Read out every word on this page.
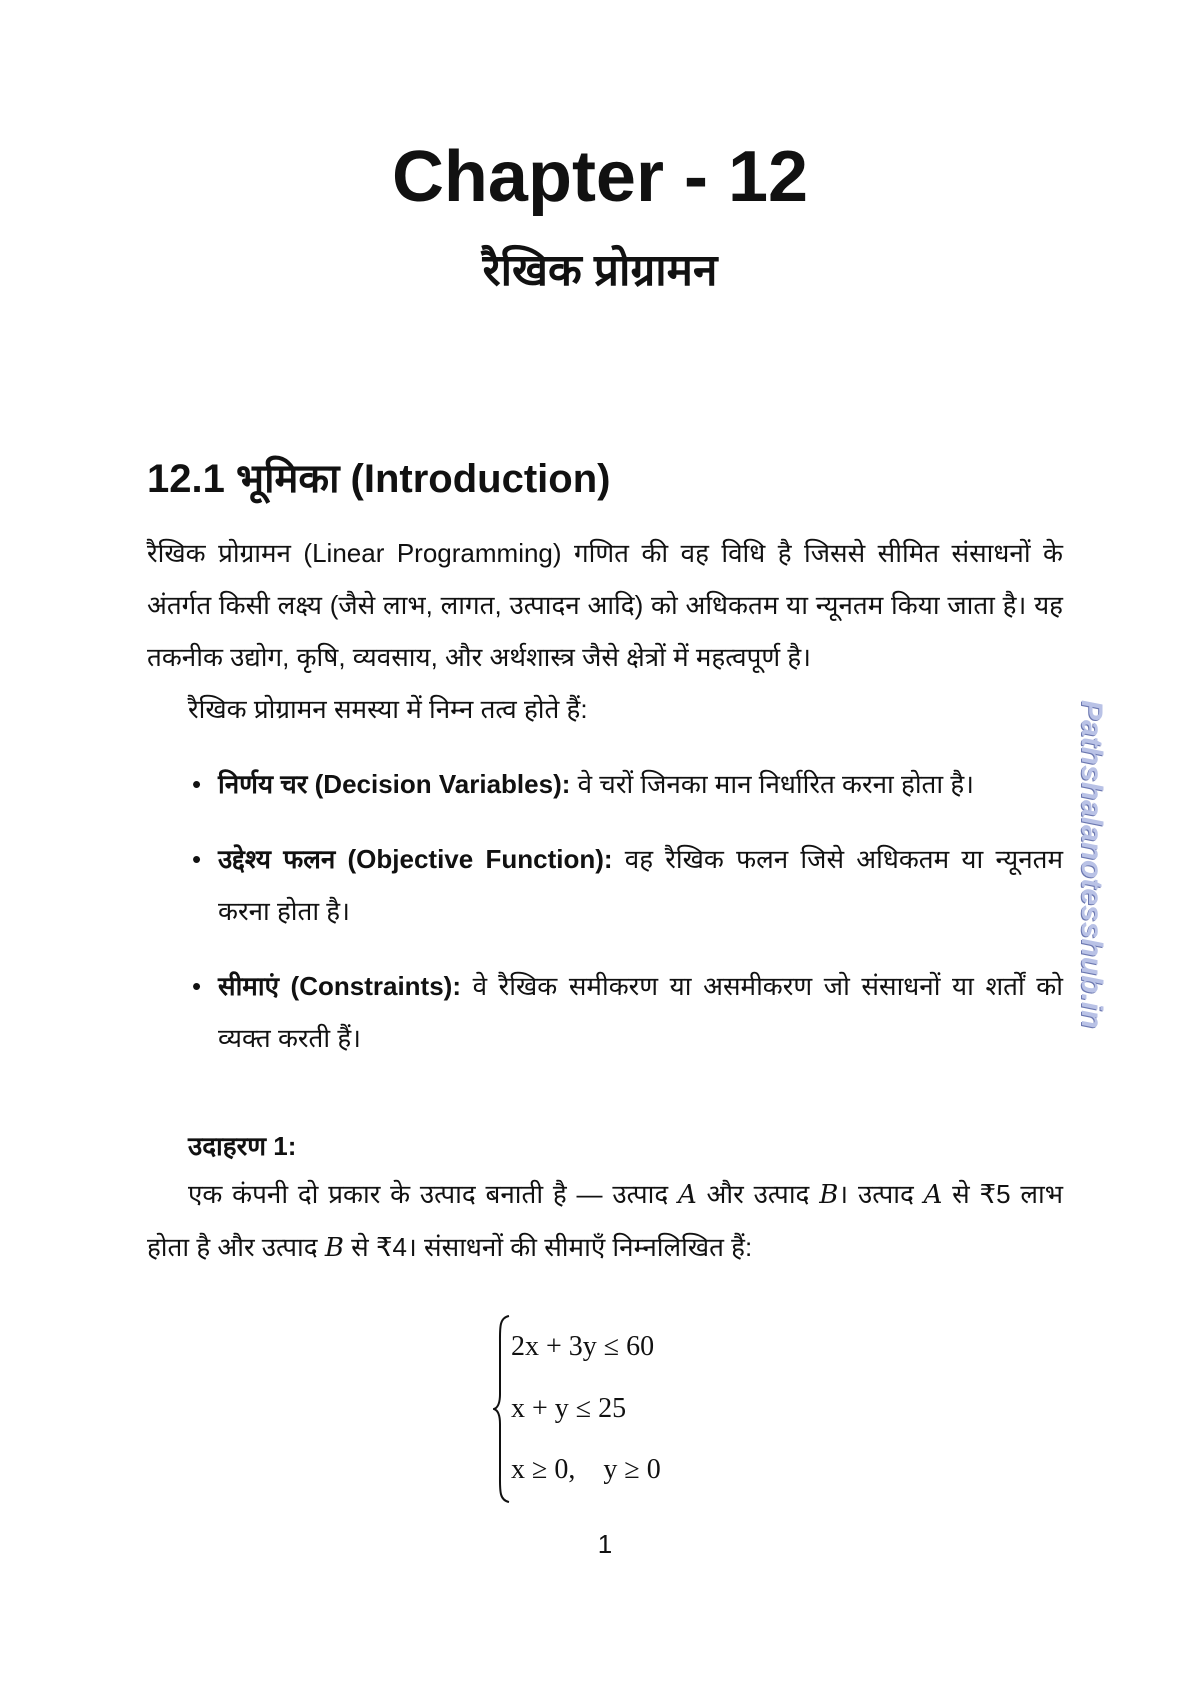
Chapter - 12
रैखिक प्रोग्रामन
12.1 भूमिका (Introduction)
रैखिक प्रोग्रामन (Linear Programming) गणित की वह विधि है जिससे सीमित संसाधनों के अंतर्गत किसी लक्ष्य (जैसे लाभ, लागत, उत्पादन आदि) को अधिकतम या न्यूनतम किया जाता है। यह तकनीक उद्योग, कृषि, व्यवसाय, और अर्थशास्त्र जैसे क्षेत्रों में महत्वपूर्ण है।
रैखिक प्रोग्रामन समस्या में निम्न तत्व होते हैं:
• निर्णय चर (Decision Variables): वे चरों जिनका मान निर्धारित करना होता है।
• उद्देश्य फलन (Objective Function): वह रैखिक फलन जिसे अधिकतम या न्यूनतम करना होता है।
• सीमाएं (Constraints): वे रैखिक समीकरण या असमीकरण जो संसाधनों या शर्तों को व्यक्त करती हैं।
उदाहरण 1:
एक कंपनी दो प्रकार के उत्पाद बनाती है — उत्पाद A और उत्पाद B। उत्पाद A से ₹5 लाभ होता है और उत्पाद B से ₹4। संसाधनों की सीमाएँ निम्नलिखित हैं:
2x + 3y ≤ 60
x + y ≤ 25
x ≥ 0,    y ≥ 0
1
Pathshalanotesshub.in
